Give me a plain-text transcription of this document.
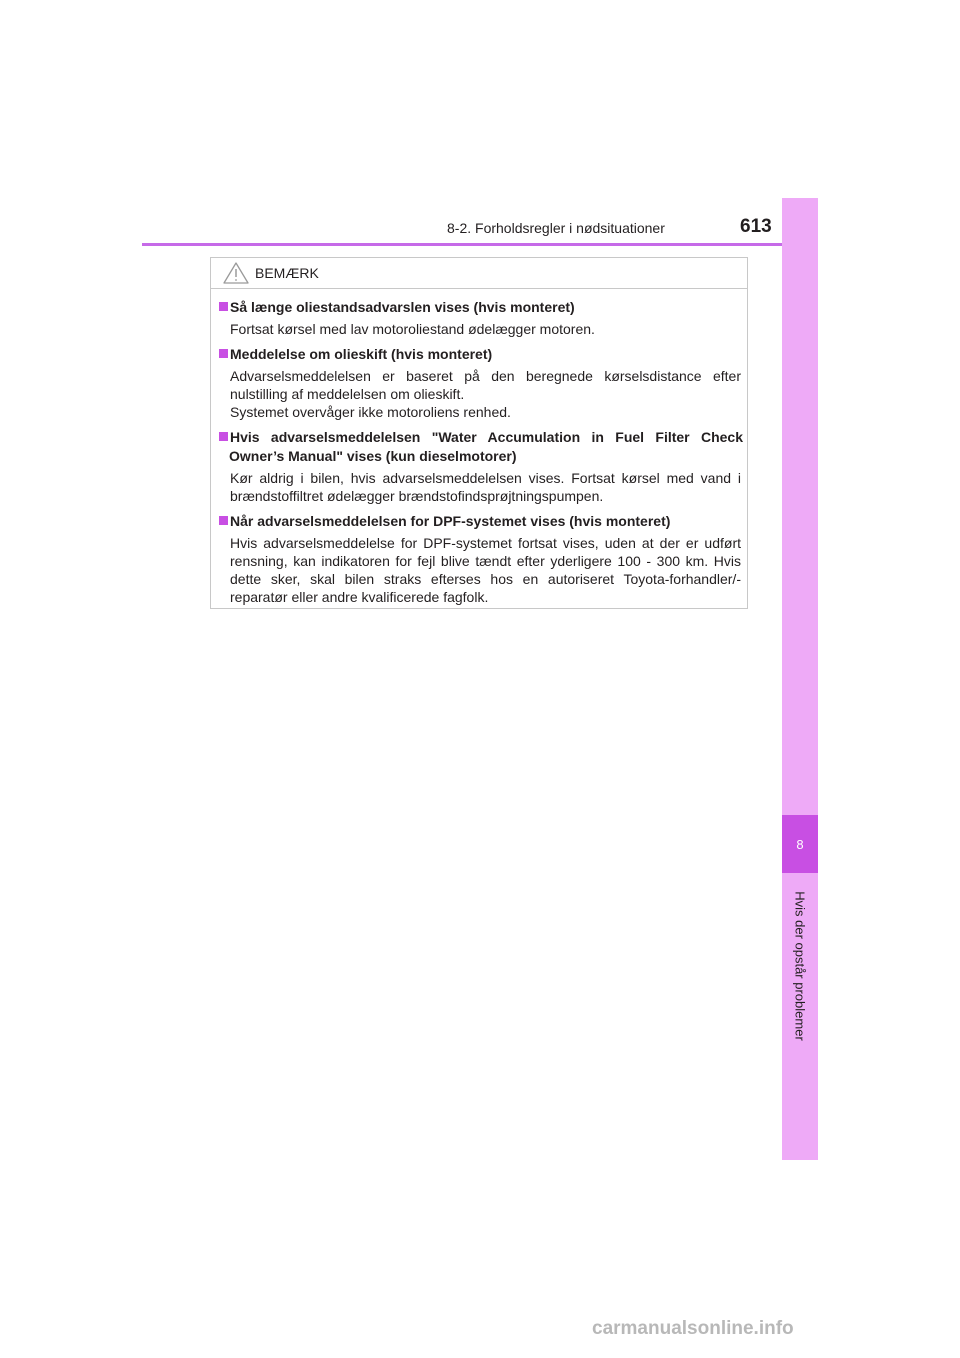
8-2. Forholdsregler i nødsituationer	613
8
Hvis der opstår problemer
BEMÆRK
Så længe oliestandsadvarslen vises (hvis monteret)

Fortsat kørsel med lav motoroliestand ødelægger motoren.

Meddelelse om olieskift (hvis monteret)

Advarselsmeddelelsen er baseret på den beregnede kørselsdistance efter nulstilling af meddelelsen om olieskift.

Systemet overvåger ikke motoroliens renhed.

Hvis advarselsmeddelelsen "Water Accumulation in Fuel Filter Check Owner’s Manual" vises (kun dieselmotorer)

Kør aldrig i bilen, hvis advarselsmeddelelsen vises. Fortsat kørsel med vand i brændstoffiltret ødelægger brændstofindsprøjtningspumpen.

Når advarselsmeddelelsen for DPF-systemet vises (hvis monteret)

Hvis advarselsmeddelelse for DPF-systemet fortsat vises, uden at der er udført rensning, kan indikatoren for fejl blive tændt efter yderligere 100 - 300 km. Hvis dette sker, skal bilen straks efterses hos en autoriseret Toyota-forhandler/-reparatør eller andre kvalificerede fagfolk.

carmanualsonline.info
